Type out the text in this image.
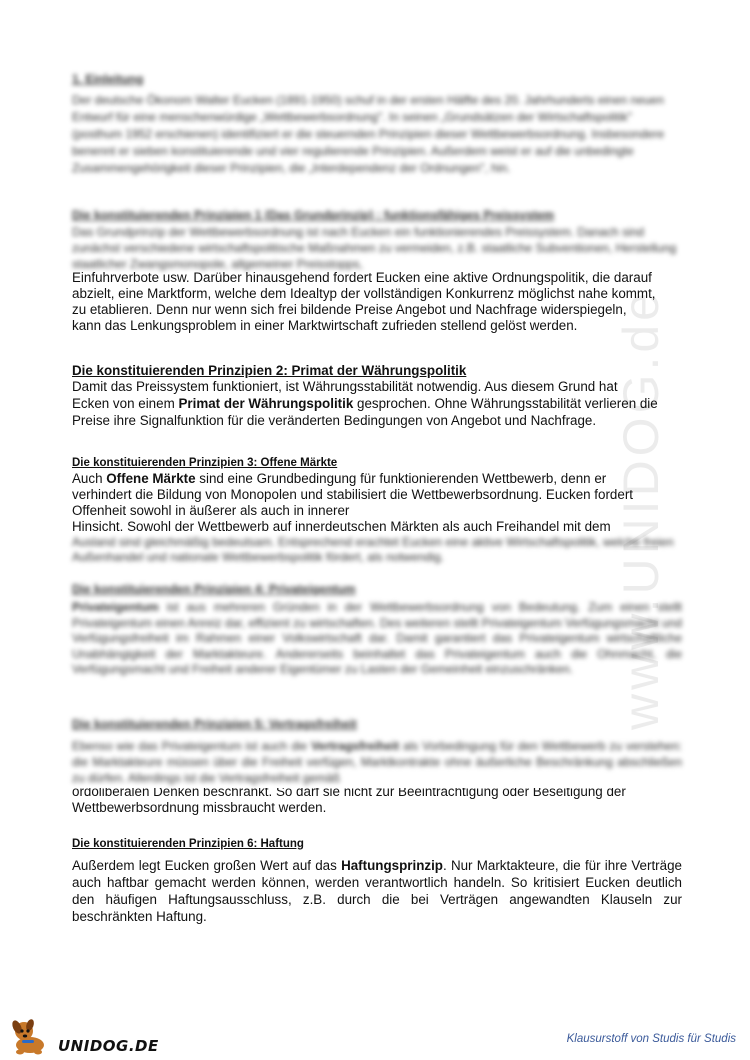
www.UNIDOG.de

1. Einleitung

Der deutsche Ökonom Walter Eucken (1891-1950) schuf in der ersten Hälfte des 20. Jahrhunderts einen neuen Entwurf für eine menschenwürdige „Wettbewerbsordnung". In seinen „Grundsätzen der Wirtschaftspolitik" (posthum 1952 erschienen) identifiziert er die steuernden Prinzipien dieser Wettbewerbsordnung. Insbesondere benennt er sieben konstituierende und vier regulierende Prinzipien. Außerdem weist er auf die unbedingte Zusammengehörigkeit dieser Prinzipien, die „Interdependenz der Ordnungen", hin.

Die konstituierenden Prinzipien 1 (Das Grundprinzip) : funktionsfähiges Preissystem

Das Grundprinzip der Wettbewerbsordnung ist nach Eucken ein funktionierendes Preissystem. Danach sind zunächst verschiedene wirtschaftspolitische Maßnahmen zu vermeiden, z.B. staatliche Subventionen, Herstellung staatlicher Zwangsmonopole, allgemeiner Preisstopps,

Einfuhrverbote usw. Darüber hinausgehend fordert Eucken eine aktive Ordnungspolitik, die darauf

abzielt, eine Marktform, welche dem Idealtyp der vollständigen Konkurrenz möglichst nahe kommt,

zu etablieren. Denn nur wenn sich frei bildende Preise Angebot und Nachfrage widerspiegeln,

kann das Lenkungsproblem in einer Marktwirtschaft zufrieden stellend gelöst werden.

Die konstituierenden Prinzipien 2: Primat der Währungspolitik

Damit das Preissystem funktioniert, ist Währungsstabilität notwendig. Aus diesem Grund hat

Ecken von einem Primat der Währungspolitik gesprochen. Ohne Währungsstabilität verlieren die

Preise ihre Signalfunktion für die veränderten Bedingungen von Angebot und Nachfrage.

Die konstituierenden Prinzipien 3: Offene Märkte

Auch Offene Märkte sind eine Grundbedingung für funktionierenden Wettbewerb, denn er

verhindert die Bildung von Monopolen und stabilisiert die Wettbewerbsordnung. Eucken fordert

Offenheit sowohl in äußerer als auch in innerer

Hinsicht. Sowohl der Wettbewerb auf innerdeutschen Märkten als auch Freihandel mit dem

Ausland sind gleichmäßig bedeutsam. Entsprechend erachtet Eucken eine aktive Wirtschaftspolitik, welche freien Außenhandel und nationale Wettbewerbspolitik fördert, als notwendig.

Die konstituierenden Prinzipien 4: Privateigentum

Privateigentum ist aus mehreren Gründen in der Wettbewerbsordnung von Bedeutung. Zum einen stellt Privateigentum einen Anreiz dar, effizient zu wirtschaften. Des weiteren stellt Privateigentum Verfügungsmacht und Verfügungsfreiheit im Rahmen einer Volkswirtschaft dar. Damit garantiert das Privateigentum wirtschaftliche Unabhängigkeit der Marktakteure. Andererseits beinhaltet das Privateigentum auch die Ohnmacht, die Verfügungsmacht und Freiheit anderer Eigentümer zu Lasten der Gemeinheit einzuschränken.

Die konstituierenden Prinzipien 5: Vertragsfreiheit

Ebenso wie das Privateigentum ist auch die Vertragsfreiheit als Vorbedingung für den Wettbewerb zu verstehen: die Marktakteure müssen über die Freiheit verfügen, Marktkontrakte ohne äußerliche Beschränkung abschließen zu dürfen. Allerdings ist die Vertragsfreiheit gemäß

ordoliberalen Denken beschränkt. So darf sie nicht zur Beeinträchtigung oder Beseitigung der

Wettbewerbsordnung missbraucht werden.

Die konstituierenden Prinzipien 6: Haftung

Außerdem legt Eucken großen Wert auf das Haftungsprinzip. Nur Marktakteure, die für ihre Verträge auch haftbar gemacht werden können, werden verantwortlich handeln. So kritisiert Eucken deutlich den häufigen Haftungsausschluss, z.B. durch die bei Verträgen angewandten Klauseln zur beschränkten Haftung.

UNIDOG.DE	Klausurstoff von Studis für Studis
